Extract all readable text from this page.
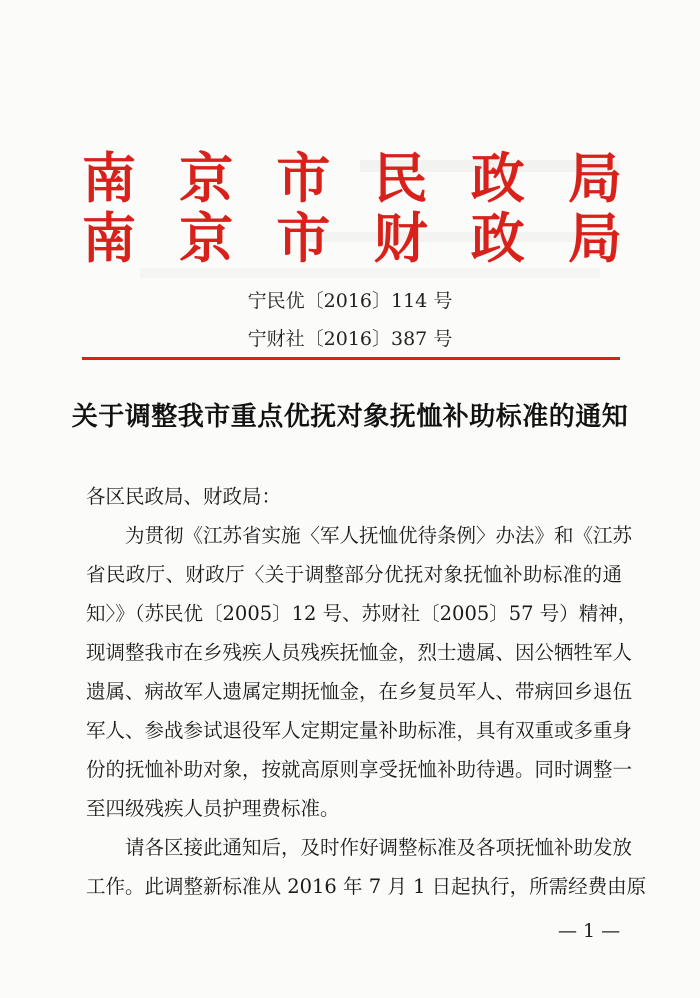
南 京 市 民 政 局
南 京 市 财 政 局
宁民优〔2016〕114 号
宁财社〔2016〕387 号
关于调整我市重点优抚对象抚恤补助标准的通知
各区民政局、财政局：
为贯彻《江苏省实施〈军人抚恤优待条例〉办法》和《江苏
省民政厅、财政厅〈关于调整部分优抚对象抚恤补助标准的通
知〉》（苏民优〔2005〕12 号、苏财社〔2005〕57 号）精神，
现调整我市在乡残疾人员残疾抚恤金，烈士遗属、因公牺牲军人
遗属、病故军人遗属定期抚恤金，在乡复员军人、带病回乡退伍
军人、参战参试退役军人定期定量补助标准，具有双重或多重身
份的抚恤补助对象，按就高原则享受抚恤补助待遇。同时调整一
至四级残疾人员护理费标准。
请各区接此通知后，及时作好调整标准及各项抚恤补助发放
工作。此调整新标准从 2016 年 7 月 1 日起执行，所需经费由原
— 1 —
